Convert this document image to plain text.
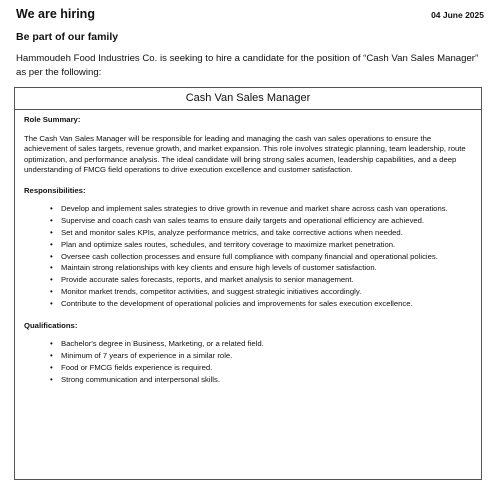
We are hiring	04 June 2025
Be part of our family
Hammoudeh Food Industries Co. is seeking to hire a candidate for the position of “Cash Van Sales Manager” as per the following:
Cash Van Sales Manager

Role Summary:

The Cash Van Sales Manager will be responsible for leading and managing the cash van sales operations to ensure the achievement of sales targets, revenue growth, and market expansion. This role involves strategic planning, team leadership, route optimization, and performance analysis. The ideal candidate will bring strong sales acumen, leadership capabilities, and a deep understanding of FMCG field operations to drive execution excellence and customer satisfaction.

Responsibilities:

• Develop and implement sales strategies to drive growth in revenue and market share across cash van operations.
• Supervise and coach cash van sales teams to ensure daily targets and operational efficiency are achieved.
• Set and monitor sales KPIs, analyze performance metrics, and take corrective actions when needed.
• Plan and optimize sales routes, schedules, and territory coverage to maximize market penetration.
• Oversee cash collection processes and ensure full compliance with company financial and operational policies.
• Maintain strong relationships with key clients and ensure high levels of customer satisfaction.
• Provide accurate sales forecasts, reports, and market analysis to senior management.
• Monitor market trends, competitor activities, and suggest strategic initiatives accordingly.
• Contribute to the development of operational policies and improvements for sales execution excellence.

Qualifications:

• Bachelor's degree in Business, Marketing, or a related field.
• Minimum of 7 years of experience in a similar role.
• Food or FMCG fields experience is required.
• Strong communication and interpersonal skills.
